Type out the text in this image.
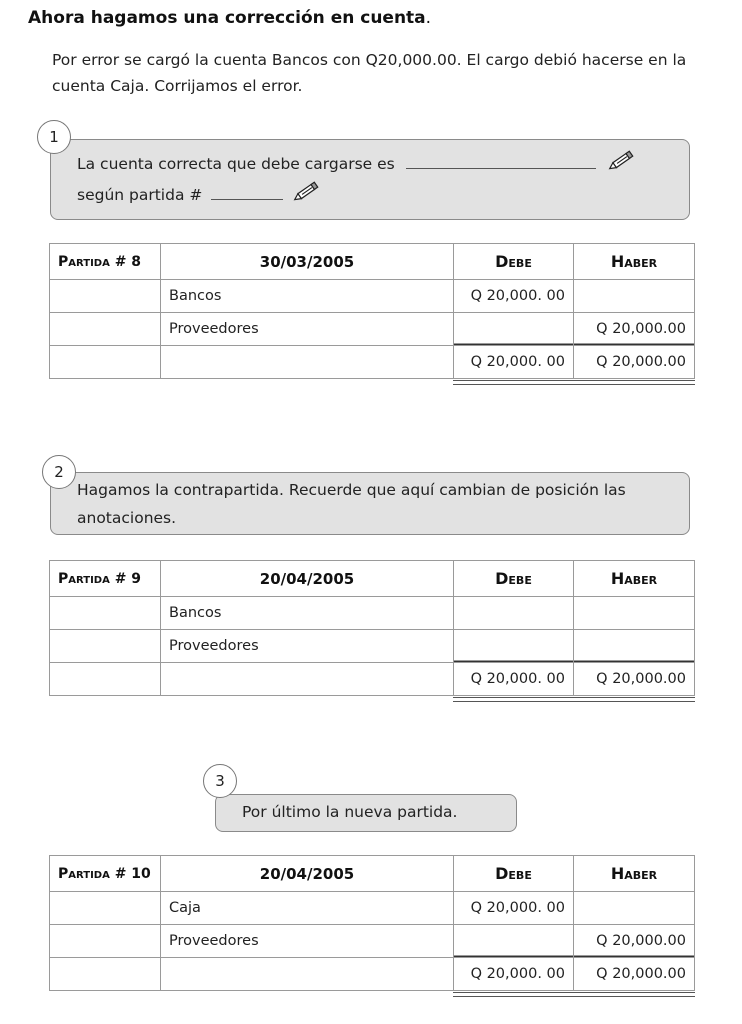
Ahora hagamos una corrección en cuenta.
Por error se cargó la cuenta Bancos con Q20,000.00. El cargo debió hacerse en la cuenta Caja. Corrijamos el error.
La cuenta correcta que debe cargarse es
según partida #
1
Partida # 8	30/03/2005	Debe	Haber
	Bancos	Q 20,000. 00	
	Proveedores		Q 20,000.00
		Q 20,000. 00	Q 20,000.00
Hagamos la contrapartida. Recuerde que aquí cambian de posición las anotaciones.
2
Partida # 9	20/04/2005	Debe	Haber
	Bancos		
	Proveedores		
		Q 20,000. 00	Q 20,000.00
Por último la nueva partida.
3
Partida # 10	20/04/2005	Debe	Haber
	Caja	Q 20,000. 00	
	Proveedores		Q 20,000.00
		Q 20,000. 00	Q 20,000.00
